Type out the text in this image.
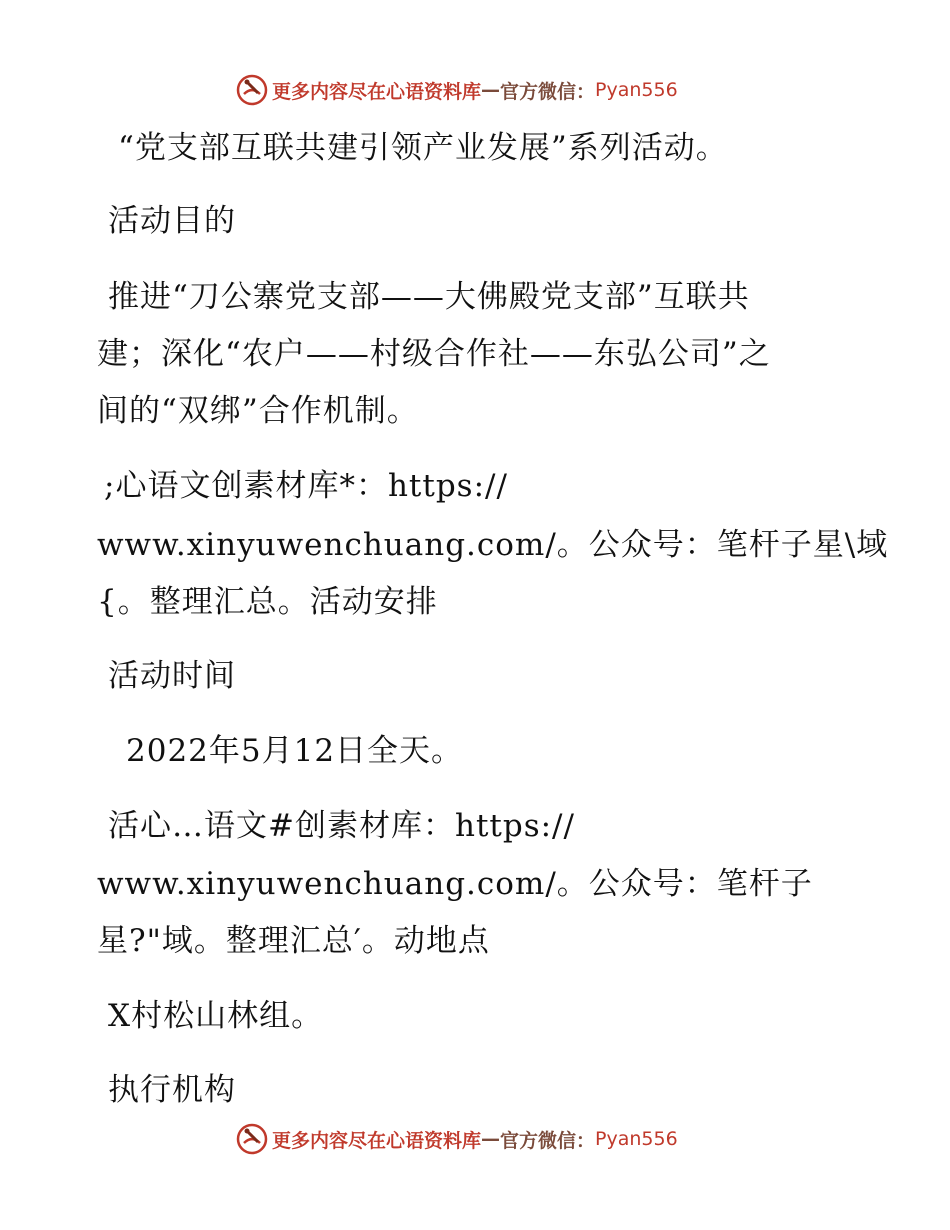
更多内容尽在心语资料库 — 官方微信： Pyan556
“党支部互联共建引领产业发展”系列活动。
活动目的
推进“刀公寨党支部——大佛殿党支部”互联共
建；深化“农户——村级合作社——东弘公司”之
间的“双绑”合作机制。
;心语文创素材库*：https://
www.xinyuwenchuang.com/。公众号：笔杆子星\域
{。整理汇总。活动安排
活动时间
2022年5月12日全天。
活心…语文#创素材库：https://
www.xinyuwenchuang.com/。公众号：笔杆子
星?"域。整理汇总′。动地点
X村松山林组。
执行机构
更多内容尽在心语资料库 — 官方微信： Pyan556
